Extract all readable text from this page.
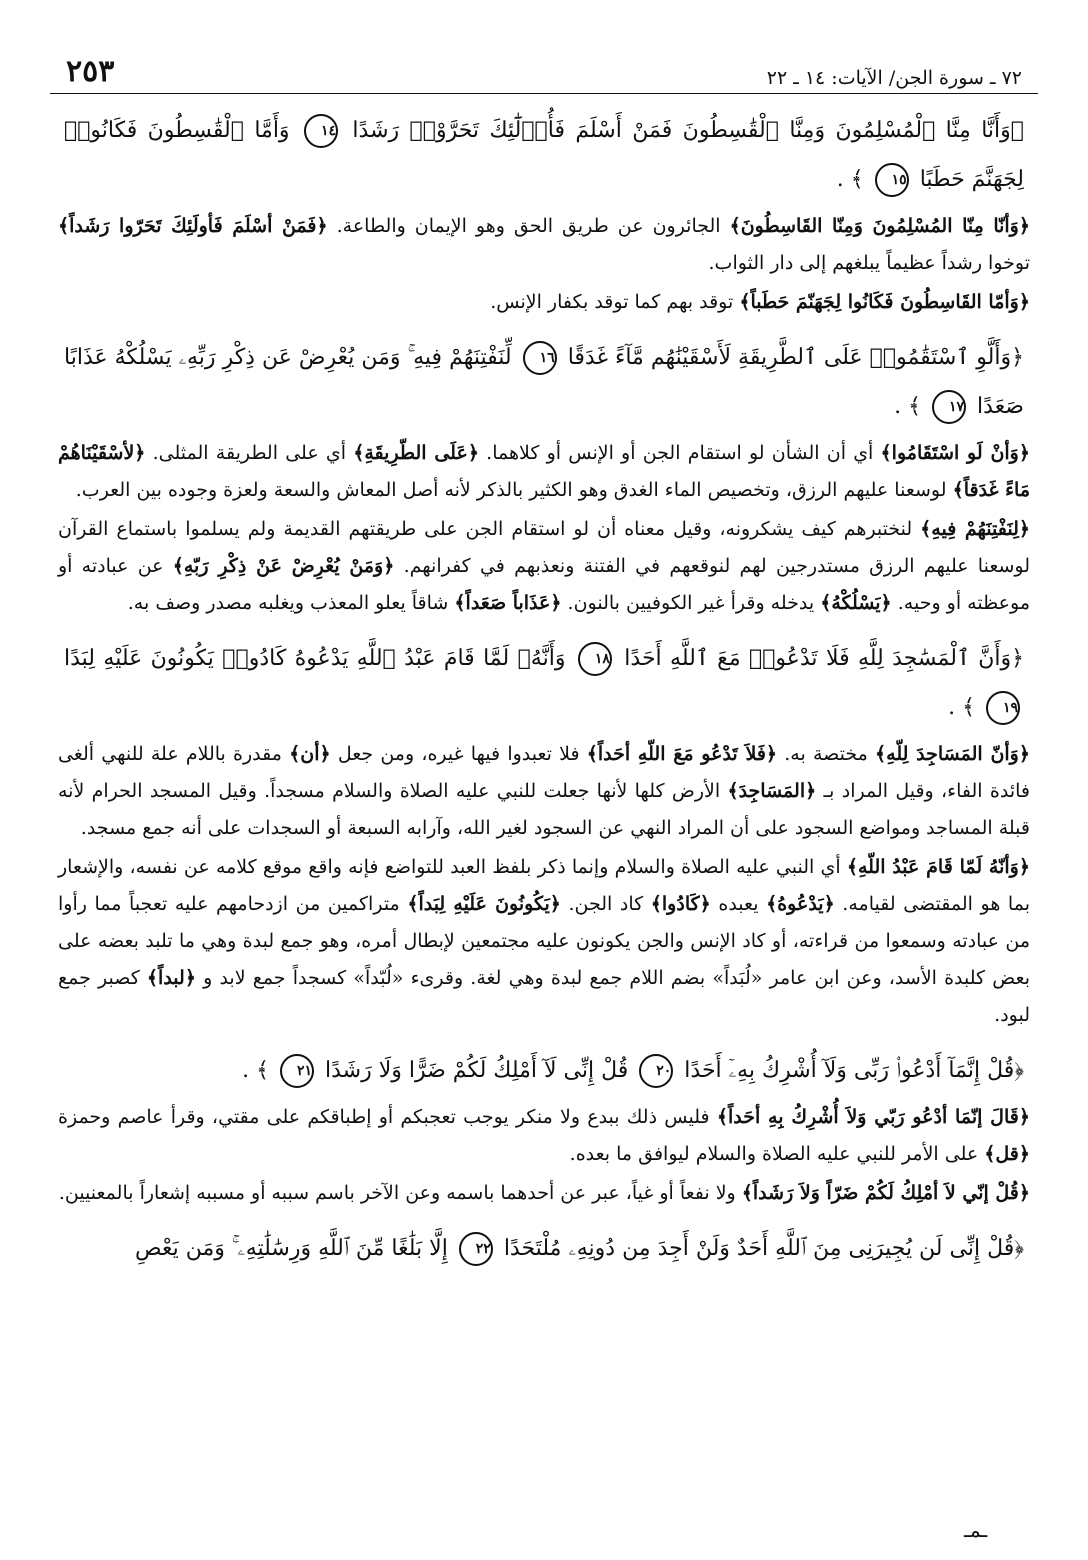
٧٢ ـ سورة الجن/ الآيات: ١٤ ـ ٢٢
٢٥٣
﴿وَأَنَّا مِنَّا ٱلْمُسْلِمُونَ وَمِنَّا ٱلْقَٰسِطُونَ فَمَنْ أَسْلَمَ فَأُو۟لَٰٓئِكَ تَحَرَّوْا۟ رَشَدًا ١٤ وَأَمَّا ٱلْقَٰسِطُونَ فَكَانُوا۟ لِجَهَنَّمَ حَطَبًا ١٥ ﴾ .
﴿وَأنّا مِنّا المُسْلِمُونَ وَمِنّا القَاسِطُونَ﴾ الجائرون عن طريق الحق وهو الإيمان والطاعة. ﴿فَمَنْ أسْلَمَ فَأولَئِكَ تَحَرّوا رَشَداً﴾ توخوا رشداً عظيماً يبلغهم إلى دار الثواب.
﴿وَأمّا القَاسِطُونَ فَكَانُوا لِجَهَنّمَ حَطَباً﴾ توقد بهم كما توقد بكفار الإنس.
﴿وَأَلَّوِ ٱسْتَقَٰمُوا۟ عَلَى ٱلطَّرِيقَةِ لَأَسْقَيْنَٰهُم مَّآءً غَدَقًا ١٦ لِّنَفْتِنَهُمْ فِيهِ ۚ وَمَن يُعْرِضْ عَن ذِكْرِ رَبِّهِۦ يَسْلُكْهُ عَذَابًا صَعَدًا ١٧ ﴾ .
﴿وَأنْ لَو اسْتَقَامُوا﴾ أي أن الشأن لو استقام الجن أو الإنس أو كلاهما. ﴿عَلَى الطّرِيقَةِ﴾ أي على الطريقة المثلى. ﴿لأسْقَيْنَاهُمْ مَاءً غَدَقاً﴾ لوسعنا عليهم الرزق، وتخصيص الماء الغدق وهو الكثير بالذكر لأنه أصل المعاش والسعة ولعزة وجوده بين العرب.
﴿لِنَفْتِنَهُمْ فِيهِ﴾ لنختبرهم كيف يشكرونه، وقيل معناه أن لو استقام الجن على طريقتهم القديمة ولم يسلموا باستماع القرآن لوسعنا عليهم الرزق مستدرجين لهم لنوقعهم في الفتنة ونعذبهم في كفرانهم. ﴿وَمَنْ يُعْرِضْ عَنْ ذِكْرِ رَبّهِ﴾ عن عبادته أو موعظته أو وحيه. ﴿يَسْلُكْهُ﴾ يدخله وقرأ غير الكوفيين بالنون. ﴿عَذَاباً صَعَداً﴾ شاقاً يعلو المعذب ويغلبه مصدر وصف به.
﴿وَأَنَّ ٱلْمَسَٰجِدَ لِلَّهِ فَلَا تَدْعُوا۟ مَعَ ٱللَّهِ أَحَدًا ١٨ وَأَنَّهُۥ لَمَّا قَامَ عَبْدُ ٱللَّهِ يَدْعُوهُ كَادُوا۟ يَكُونُونَ عَلَيْهِ لِبَدًا ١٩ ﴾ .
﴿وَأنّ المَسَاجِدَ لِلّهِ﴾ مختصة به. ﴿فَلاَ تَدْعُو مَعَ اللّهِ أحَداً﴾ فلا تعبدوا فيها غيره، ومن جعل ﴿أن﴾ مقدرة باللام علة للنهي ألغى فائدة الفاء، وقيل المراد بـ ﴿المَسَاجِدَ﴾ الأرض كلها لأنها جعلت للنبي عليه الصلاة والسلام مسجداً. وقيل المسجد الحرام لأنه قبلة المساجد ومواضع السجود على أن المراد النهي عن السجود لغير الله، وآرابه السبعة أو السجدات على أنه جمع مسجد.
﴿وَأنّهُ لَمّا قَامَ عَبْدُ اللّهِ﴾ أي النبي عليه الصلاة والسلام وإنما ذكر بلفظ العبد للتواضع فإنه واقع موقع كلامه عن نفسه، والإشعار بما هو المقتضى لقيامه. ﴿يَدْعُوهُ﴾ يعبده ﴿كَادُوا﴾ كاد الجن. ﴿يَكُونُونَ عَلَيْهِ لِبَداً﴾ متراكمين من ازدحامهم عليه تعجباً مما رأوا من عبادته وسمعوا من قراءته، أو كاد الإنس والجن يكونون عليه مجتمعين لإبطال أمره، وهو جمع لبدة وهي ما تلبد بعضه على بعض كلبدة الأسد، وعن ابن عامر «لُبَداً» بضم اللام جمع لبدة وهي لغة. وقرىء «لُبّداً» كسجداً جمع لابد و ﴿لبداً﴾ كصبر جمع لبود.
﴿قُلْ إِنَّمَآ أَدْعُوا۟ رَبِّى وَلَآ أُشْرِكُ بِهِۦٓ أَحَدًا ٢٠ قُلْ إِنِّى لَآ أَمْلِكُ لَكُمْ ضَرًّا وَلَا رَشَدًا ٢١ ﴾ .
﴿قَالَ إنّمَا أدْعُو رَبّي وَلاَ أُشْرِكُ بِهِ أحَداً﴾ فليس ذلك ببدع ولا منكر يوجب تعجبكم أو إطباقكم على مقتي، وقرأ عاصم وحمزة ﴿قل﴾ على الأمر للنبي عليه الصلاة والسلام ليوافق ما بعده.
﴿قُلْ إنّي لاَ أمْلِكُ لَكُمْ ضَرّاً وَلاَ رَشَداً﴾ ولا نفعاً أو غياً، عبر عن أحدهما باسمه وعن الآخر باسم سببه أو مسببه إشعاراً بالمعنيين.
﴿قُلْ إِنِّى لَن يُجِيرَنِى مِنَ ٱللَّهِ أَحَدٌ وَلَنْ أَجِدَ مِن دُونِهِۦ مُلْتَحَدًا ٢٢ إِلَّا بَلَٰغًا مِّنَ ٱللَّهِ وَرِسَٰلَٰتِهِۦ ۚ وَمَن يَعْصِ
ـمـ
